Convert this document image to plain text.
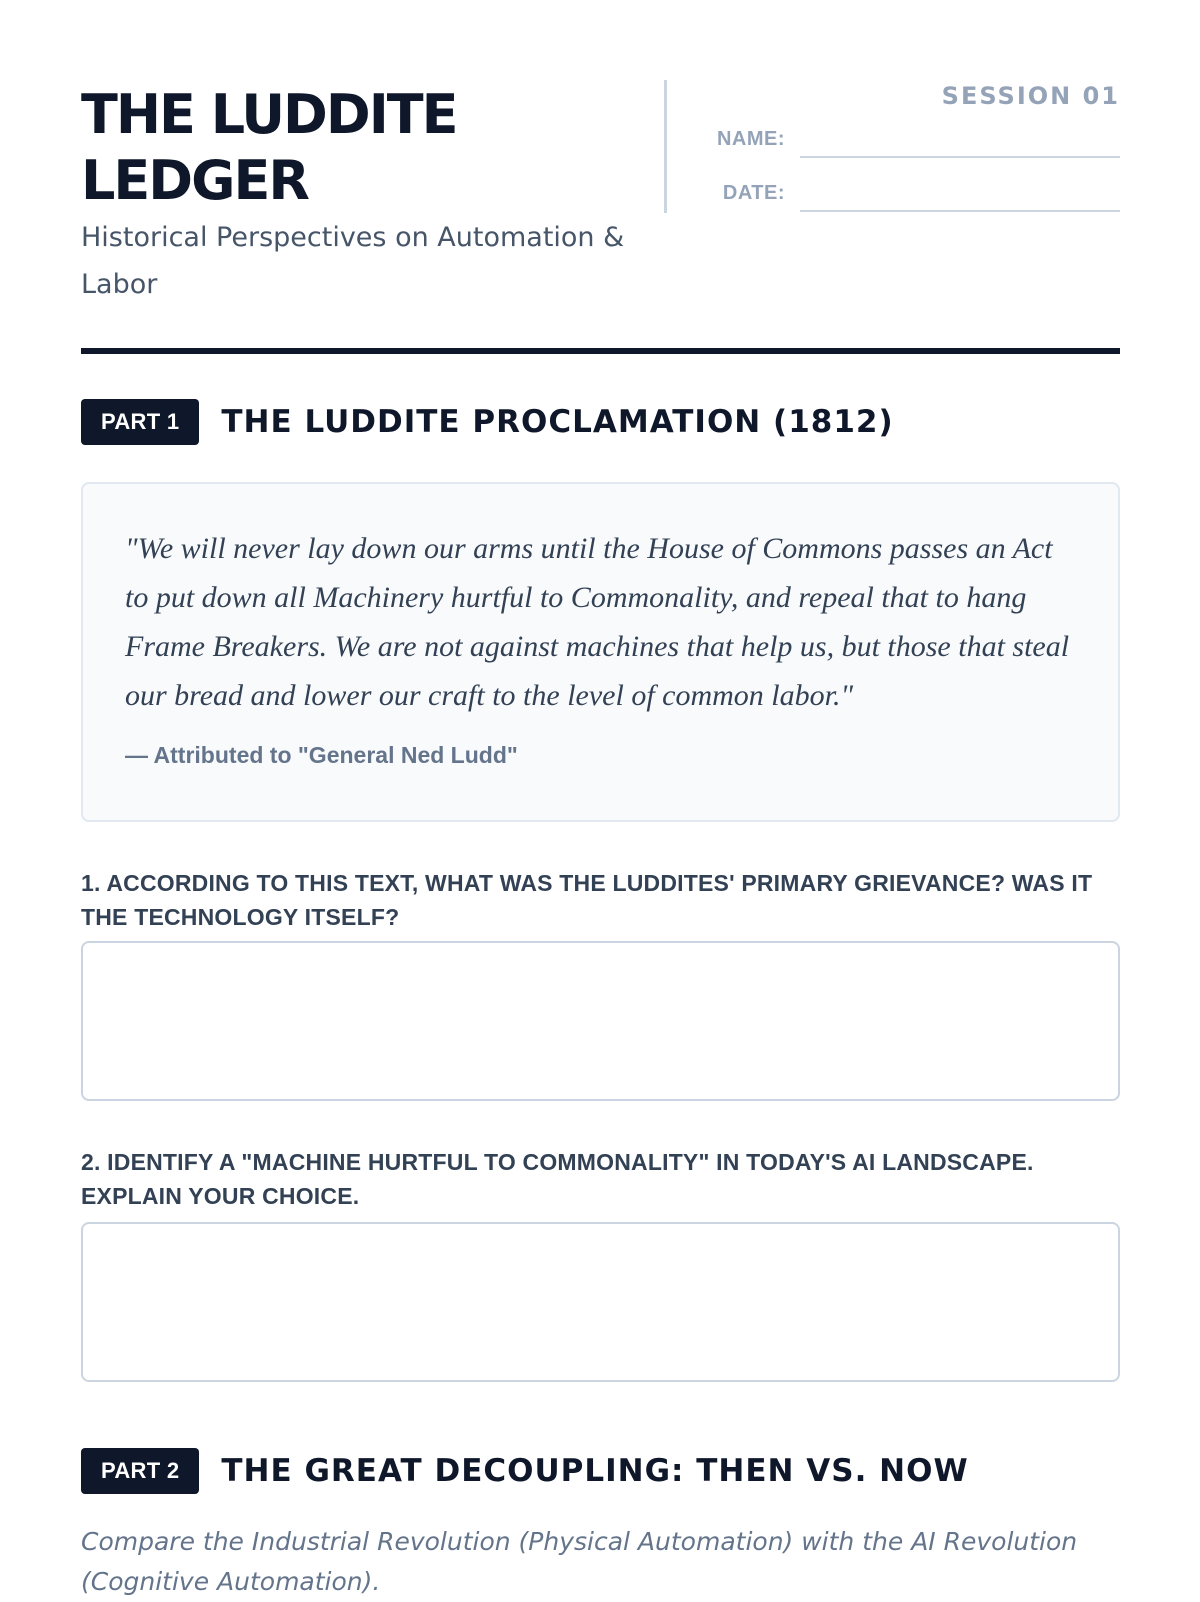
THE LUDDITE LEDGER

Historical Perspectives on Automation & Labor

SESSION 01
NAME:
DATE:
PART 1	THE LUDDITE PROCLAMATION (1812)

"We will never lay down our arms until the House of Commons passes an Act to put down all Machinery hurtful to Commonality, and repeal that to hang Frame Breakers. We are not against machines that help us, but those that steal our bread and lower our craft to the level of common labor."

— Attributed to "General Ned Ludd"

1. ACCORDING TO THIS TEXT, WHAT WAS THE LUDDITES' PRIMARY GRIEVANCE? WAS IT THE TECHNOLOGY ITSELF?

2. IDENTIFY A "MACHINE HURTFUL TO COMMONALITY" IN TODAY'S AI LANDSCAPE. EXPLAIN YOUR CHOICE.

PART 2	THE GREAT DECOUPLING: THEN VS. NOW

Compare the Industrial Revolution (Physical Automation) with the AI Revolution (Cognitive Automation).
